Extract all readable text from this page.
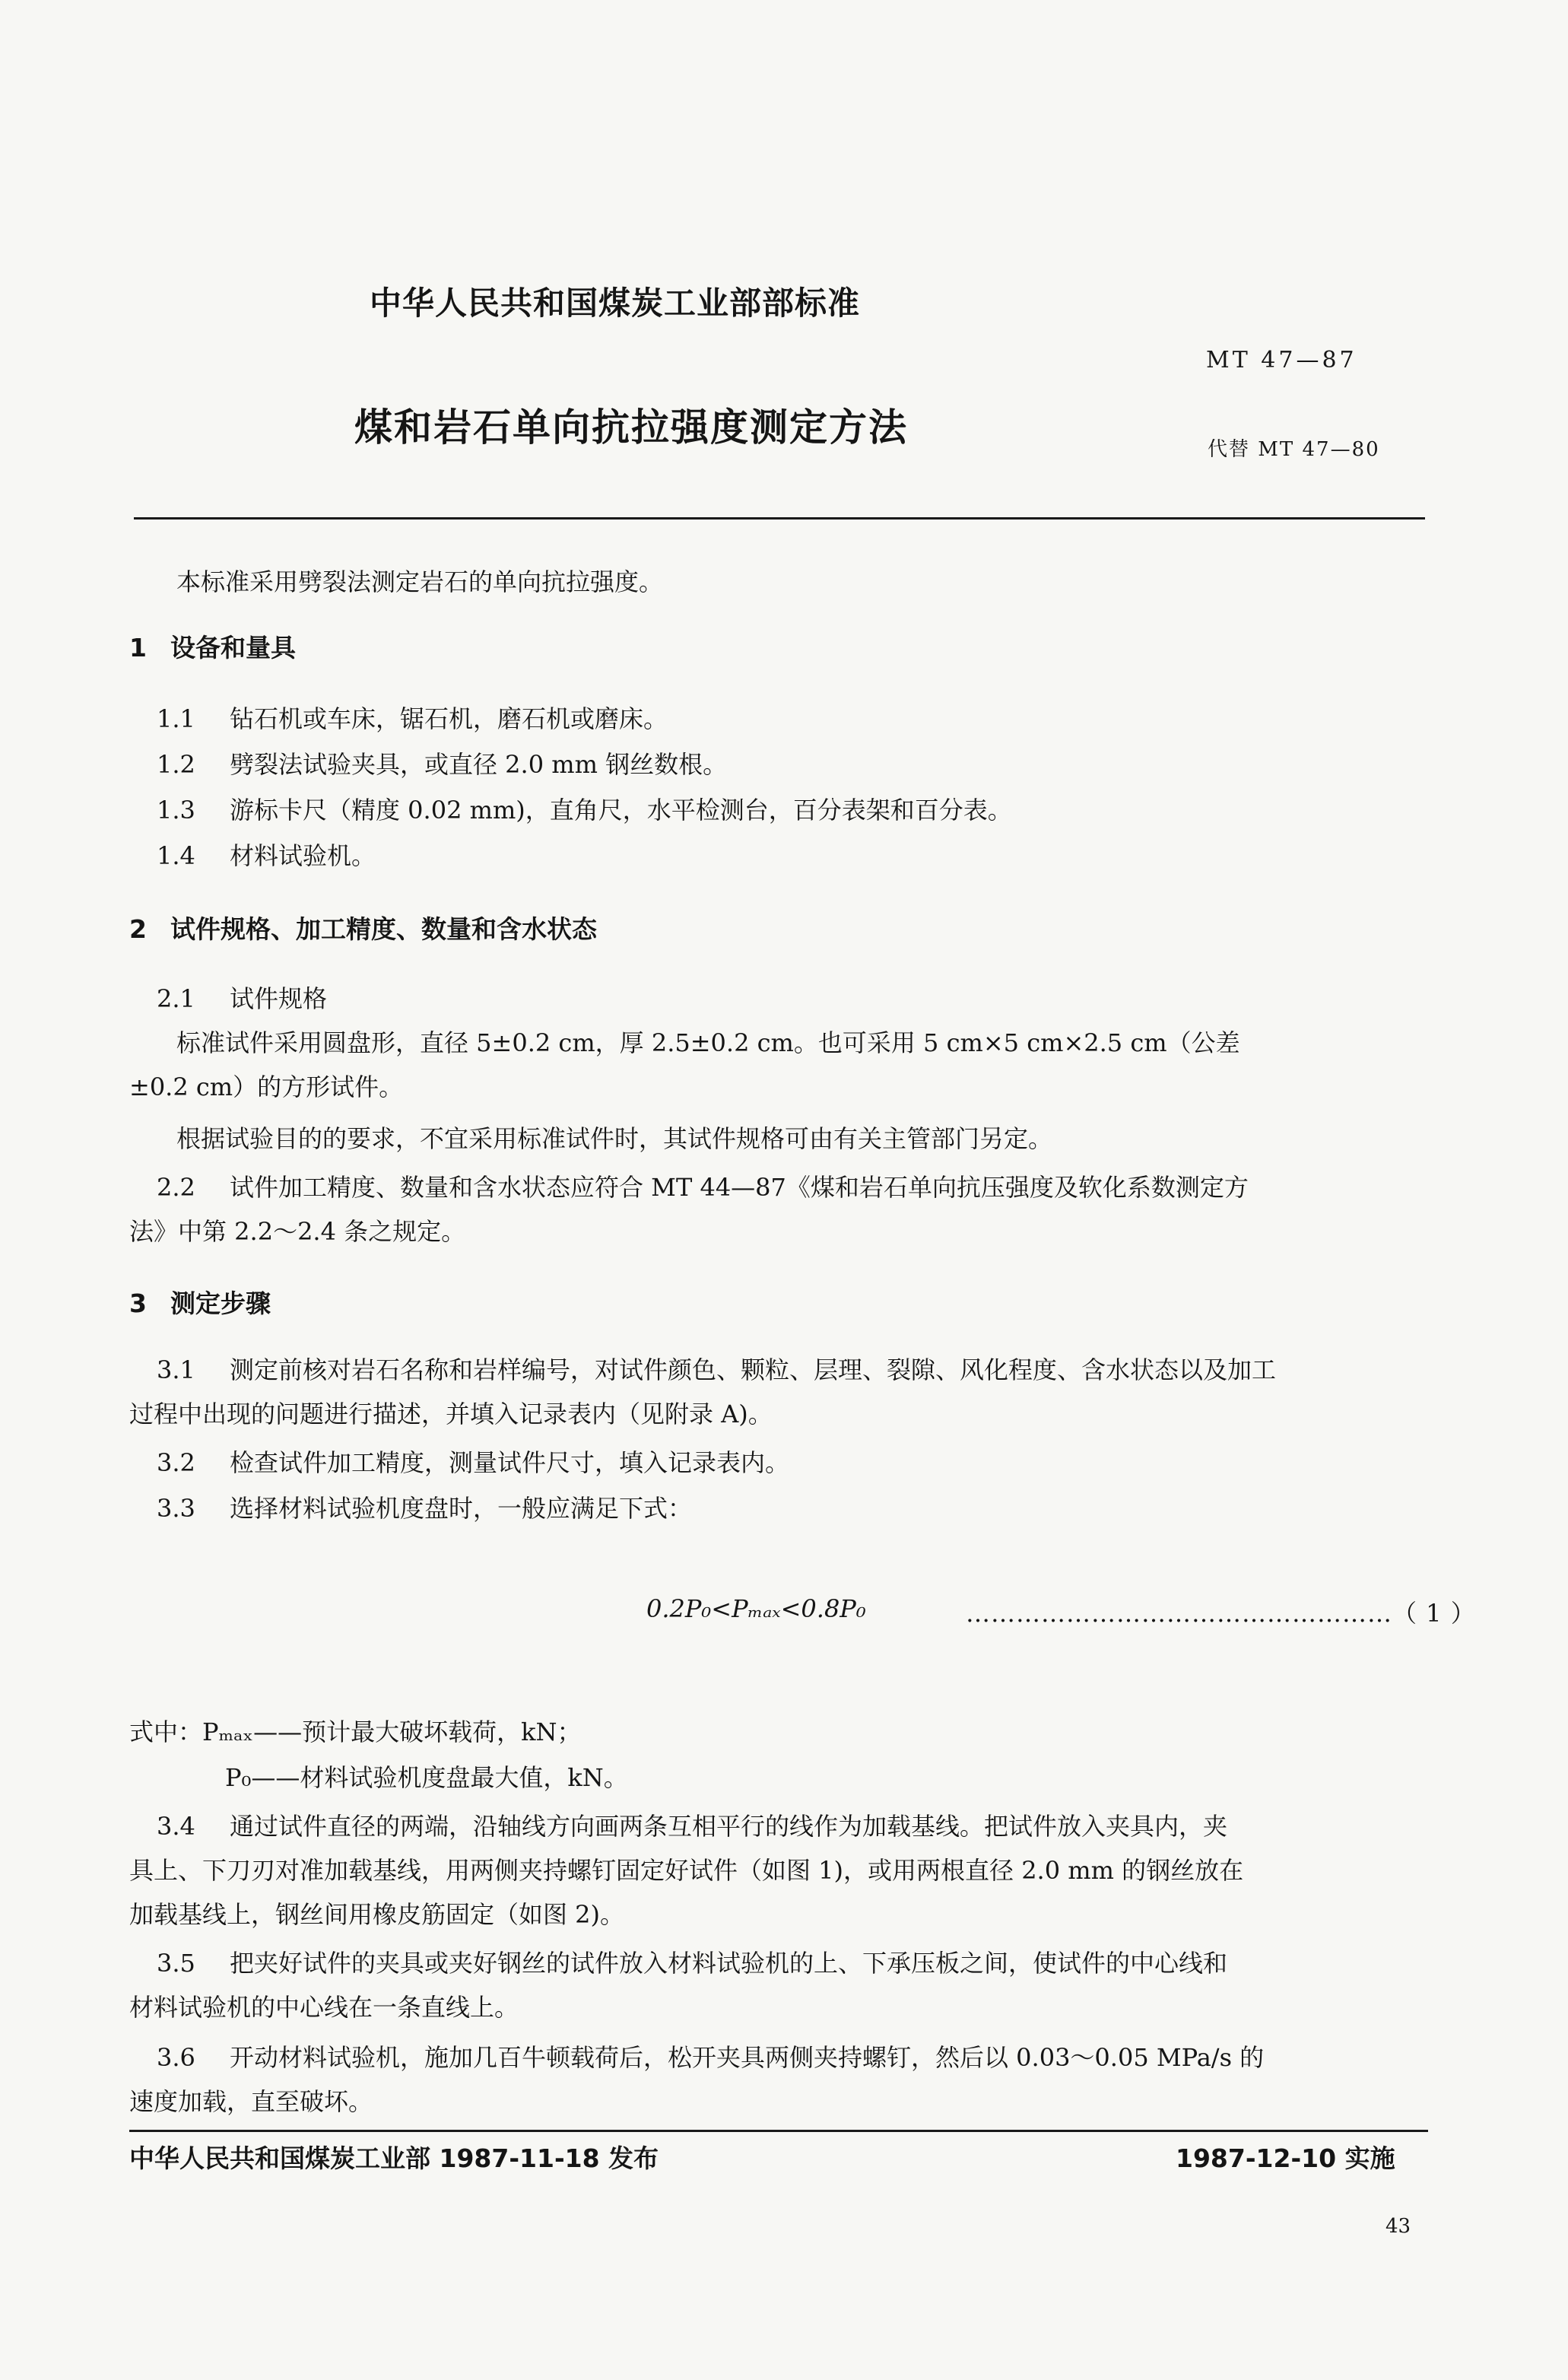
中华人民共和国煤炭工业部部标准
MT 47—87
煤和岩石单向抗拉强度测定方法	代替 MT 47—80
本标准采用劈裂法测定岩石的单向抗拉强度。
1 设备和量具
1.1 钻石机或车床，锯石机，磨石机或磨床。
1.2 劈裂法试验夹具，或直径 2.0 mm 钢丝数根。
1.3 游标卡尺（精度 0.02 mm)，直角尺，水平检测台，百分表架和百分表。
1.4 材料试验机。
2 试件规格、加工精度、数量和含水状态
2.1 试件规格
标准试件采用圆盘形，直径 5±0.2 cm，厚 2.5±0.2 cm。也可采用 5 cm×5 cm×2.5 cm（公差
±0.2 cm）的方形试件。
根据试验目的的要求，不宜采用标准试件时，其试件规格可由有关主管部门另定。
2.2 试件加工精度、数量和含水状态应符合 MT 44—87《煤和岩石单向抗压强度及软化系数测定方
法》中第 2.2～2.4 条之规定。
3 测定步骤
3.1 测定前核对岩石名称和岩样编号，对试件颜色、颗粒、层理、裂隙、风化程度、含水状态以及加工
过程中出现的问题进行描述，并填入记录表内（见附录 A)。
3.2 检查试件加工精度，测量试件尺寸，填入记录表内。
3.3 选择材料试验机度盘时，一般应满足下式：
0.2P₀<Pₘₐₓ<0.8P₀	……………………………………………（ 1 ）
式中：Pₘₐₓ——预计最大破坏载荷，kN；
P₀——材料试验机度盘最大值，kN。
3.4 通过试件直径的两端，沿轴线方向画两条互相平行的线作为加载基线。把试件放入夹具内，夹
具上、下刀刃对准加载基线，用两侧夹持螺钉固定好试件（如图 1)，或用两根直径 2.0 mm 的钢丝放在
加载基线上，钢丝间用橡皮筋固定（如图 2)。
3.5 把夹好试件的夹具或夹好钢丝的试件放入材料试验机的上、下承压板之间，使试件的中心线和
材料试验机的中心线在一条直线上。
3.6 开动材料试验机，施加几百牛顿载荷后，松开夹具两侧夹持螺钉，然后以 0.03～0.05 MPa/s 的
速度加载，直至破坏。
中华人民共和国煤炭工业部 1987-11-18 发布	1987-12-10 实施
43
